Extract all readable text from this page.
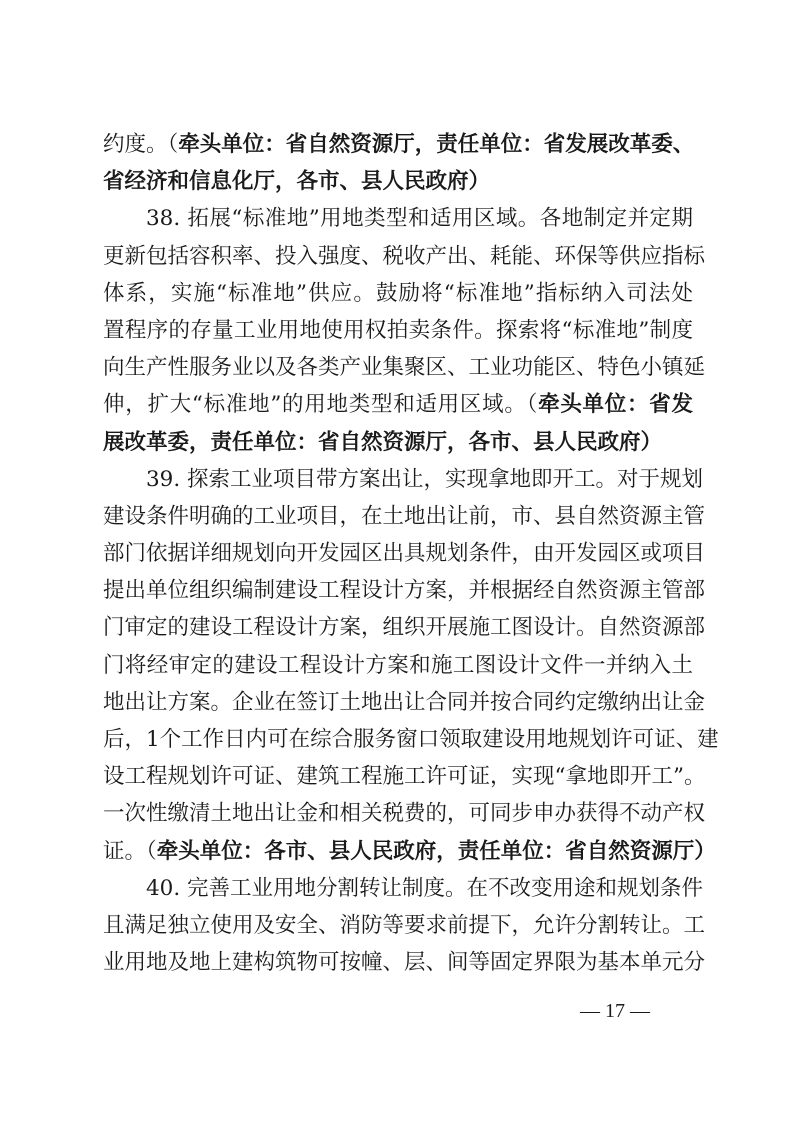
约度。（牵头单位：省自然资源厅，责任单位：省发展改革委、
省经济和信息化厅，各市、县人民政府）
38. 拓展“标准地”用地类型和适用区域。各地制定并定期
更新包括容积率、投入强度、税收产出、耗能、环保等供应指标
体系，实施“标准地”供应。鼓励将“标准地”指标纳入司法处
置程序的存量工业用地使用权拍卖条件。探索将“标准地”制度
向生产性服务业以及各类产业集聚区、工业功能区、特色小镇延
伸，扩大“标准地”的用地类型和适用区域。（牵头单位：省发
展改革委，责任单位：省自然资源厅，各市、县人民政府）
39. 探索工业项目带方案出让，实现拿地即开工。对于规划
建设条件明确的工业项目，在土地出让前，市、县自然资源主管
部门依据详细规划向开发园区出具规划条件，由开发园区或项目
提出单位组织编制建设工程设计方案，并根据经自然资源主管部
门审定的建设工程设计方案，组织开展施工图设计。自然资源部
门将经审定的建设工程设计方案和施工图设计文件一并纳入土
地出让方案。企业在签订土地出让合同并按合同约定缴纳出让金
后，1个工作日内可在综合服务窗口领取建设用地规划许可证、建
设工程规划许可证、建筑工程施工许可证，实现“拿地即开工”。
一次性缴清土地出让金和相关税费的，可同步申办获得不动产权
证。（牵头单位：各市、县人民政府，责任单位：省自然资源厅）
40. 完善工业用地分割转让制度。在不改变用途和规划条件
且满足独立使用及安全、消防等要求前提下，允许分割转让。工
业用地及地上建构筑物可按幢、层、间等固定界限为基本单元分
— 17 —
